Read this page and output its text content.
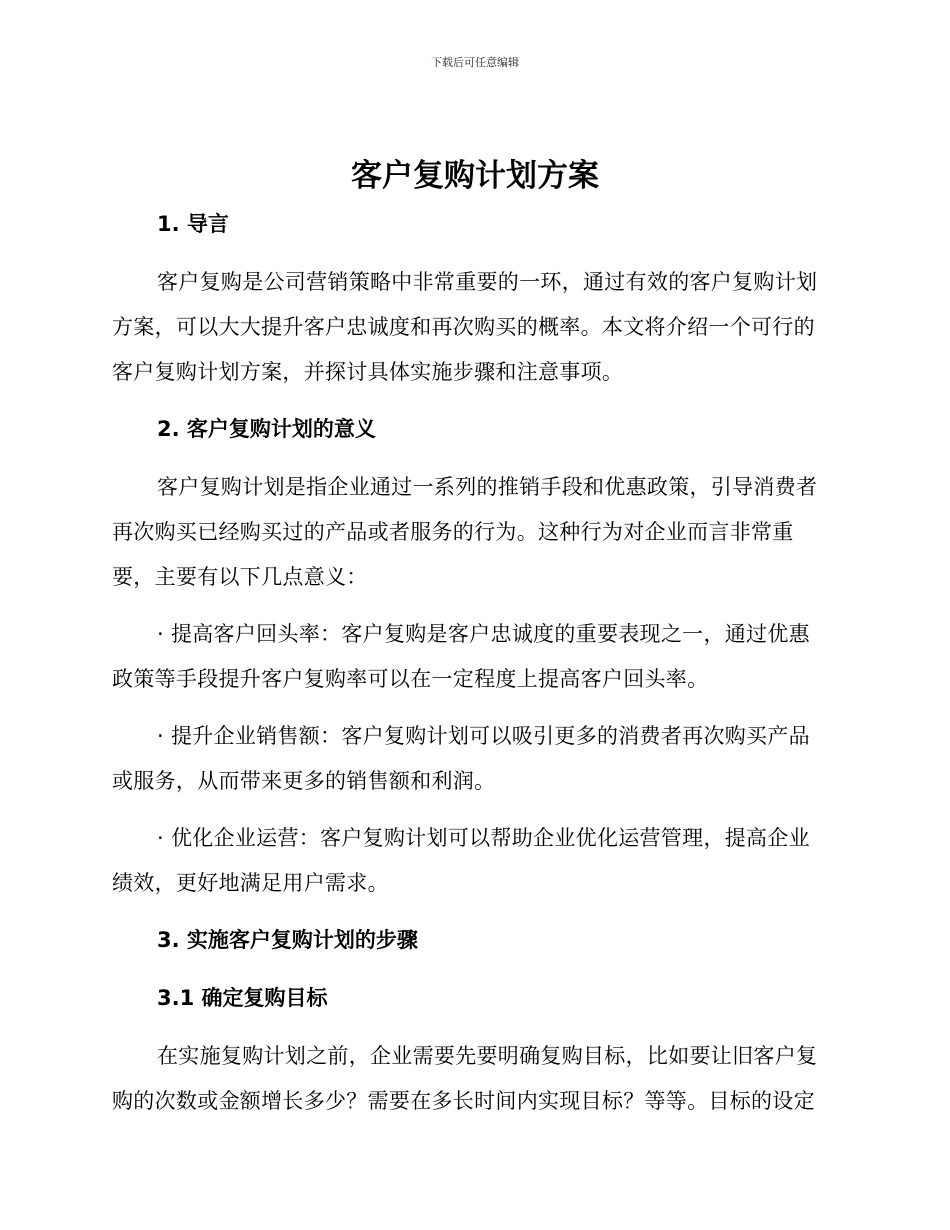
下载后可任意编辑
客户复购计划方案
1. 导言

客户复购是公司营销策略中非常重要的一环，通过有效的客户复购计划

方案，可以大大提升客户忠诚度和再次购买的概率。本文将介绍一个可行的

客户复购计划方案，并探讨具体实施步骤和注意事项。

2. 客户复购计划的意义

客户复购计划是指企业通过一系列的推销手段和优惠政策，引导消费者

再次购买已经购买过的产品或者服务的行为。这种行为对企业而言非常重

要，主要有以下几点意义：

· 提高客户回头率：客户复购是客户忠诚度的重要表现之一，通过优惠

政策等手段提升客户复购率可以在一定程度上提高客户回头率。

· 提升企业销售额：客户复购计划可以吸引更多的消费者再次购买产品

或服务，从而带来更多的销售额和利润。

· 优化企业运营：客户复购计划可以帮助企业优化运营管理，提高企业

绩效，更好地满足用户需求。

3. 实施客户复购计划的步骤
3.1 确定复购目标

在实施复购计划之前，企业需要先要明确复购目标，比如要让旧客户复

购的次数或金额增长多少？需要在多长时间内实现目标？等等。目标的设定
